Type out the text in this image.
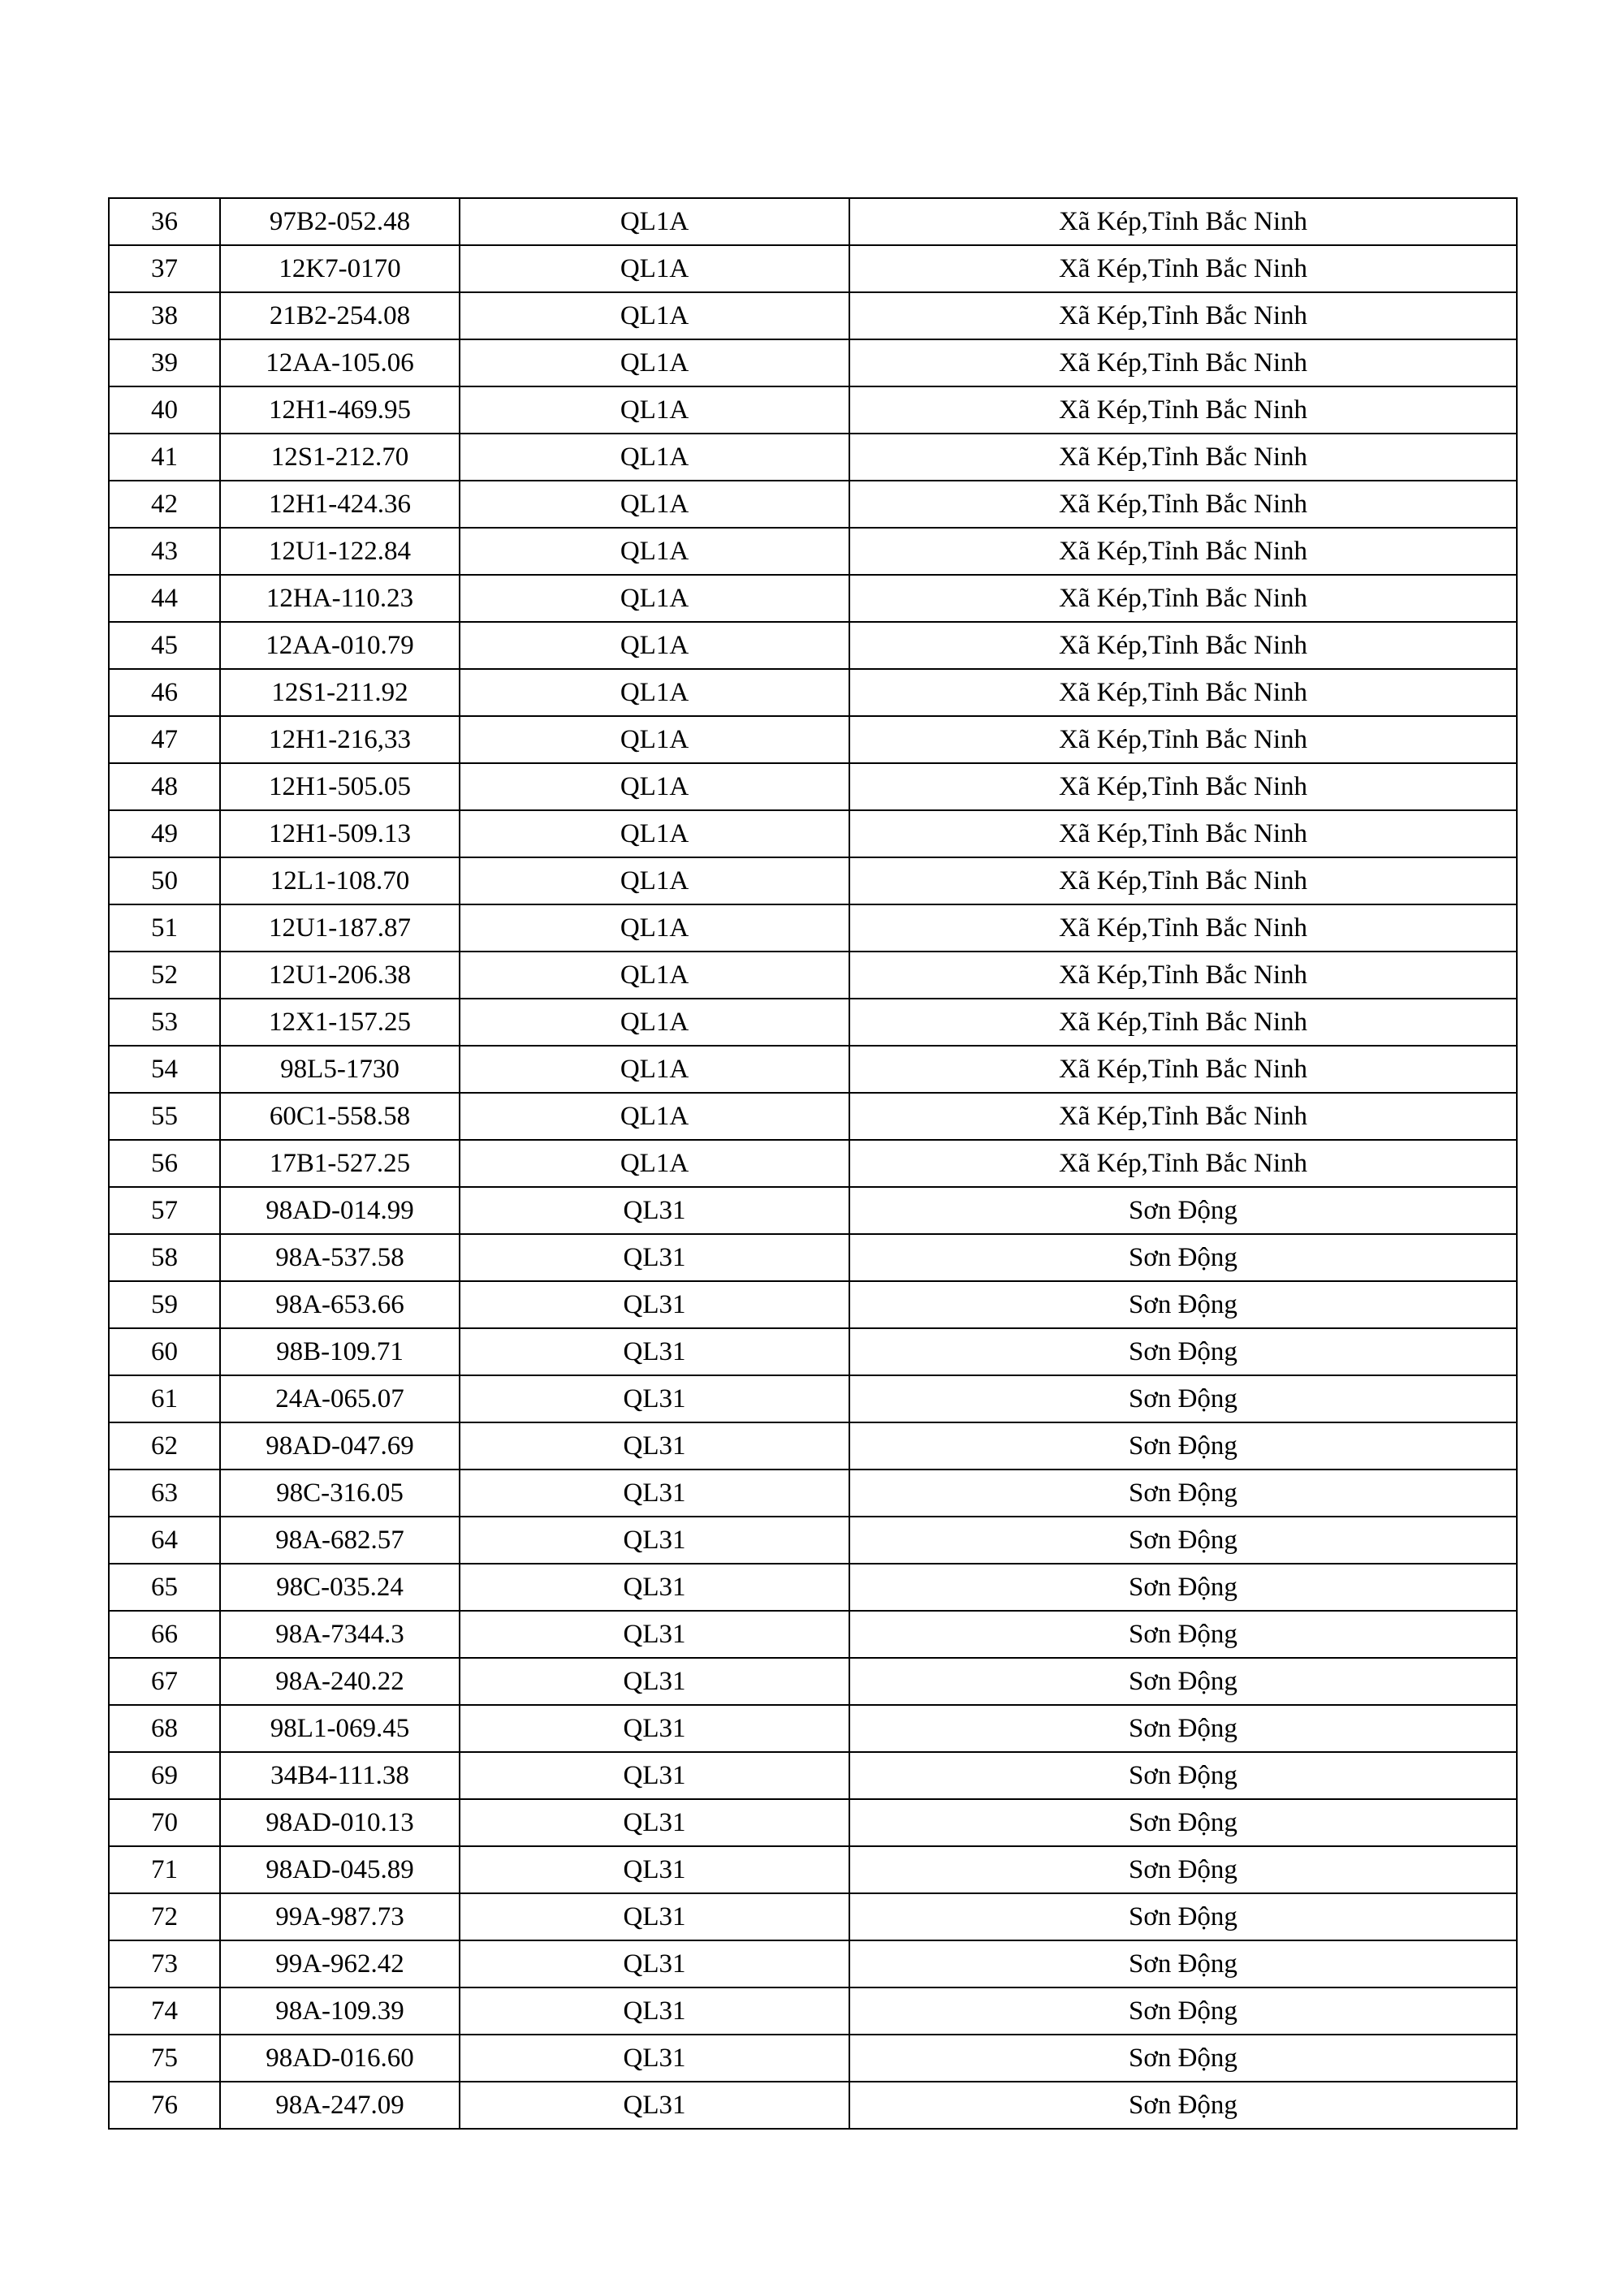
36	97B2-052.48	QL1A	Xã Kép,Tỉnh Bắc Ninh
37	12K7-0170	QL1A	Xã Kép,Tỉnh Bắc Ninh
38	21B2-254.08	QL1A	Xã Kép,Tỉnh Bắc Ninh
39	12AA-105.06	QL1A	Xã Kép,Tỉnh Bắc Ninh
40	12H1-469.95	QL1A	Xã Kép,Tỉnh Bắc Ninh
41	12S1-212.70	QL1A	Xã Kép,Tỉnh Bắc Ninh
42	12H1-424.36	QL1A	Xã Kép,Tỉnh Bắc Ninh
43	12U1-122.84	QL1A	Xã Kép,Tỉnh Bắc Ninh
44	12HA-110.23	QL1A	Xã Kép,Tỉnh Bắc Ninh
45	12AA-010.79	QL1A	Xã Kép,Tỉnh Bắc Ninh
46	12S1-211.92	QL1A	Xã Kép,Tỉnh Bắc Ninh
47	12H1-216,33	QL1A	Xã Kép,Tỉnh Bắc Ninh
48	12H1-505.05	QL1A	Xã Kép,Tỉnh Bắc Ninh
49	12H1-509.13	QL1A	Xã Kép,Tỉnh Bắc Ninh
50	12L1-108.70	QL1A	Xã Kép,Tỉnh Bắc Ninh
51	12U1-187.87	QL1A	Xã Kép,Tỉnh Bắc Ninh
52	12U1-206.38	QL1A	Xã Kép,Tỉnh Bắc Ninh
53	12X1-157.25	QL1A	Xã Kép,Tỉnh Bắc Ninh
54	98L5-1730	QL1A	Xã Kép,Tỉnh Bắc Ninh
55	60C1-558.58	QL1A	Xã Kép,Tỉnh Bắc Ninh
56	17B1-527.25	QL1A	Xã Kép,Tỉnh Bắc Ninh
57	98AD-014.99	QL31	Sơn Động
58	98A-537.58	QL31	Sơn Động
59	98A-653.66	QL31	Sơn Động
60	98B-109.71	QL31	Sơn Động
61	24A-065.07	QL31	Sơn Động
62	98AD-047.69	QL31	Sơn Động
63	98C-316.05	QL31	Sơn Động
64	98A-682.57	QL31	Sơn Động
65	98C-035.24	QL31	Sơn Động
66	98A-7344.3	QL31	Sơn Động
67	98A-240.22	QL31	Sơn Động
68	98L1-069.45	QL31	Sơn Động
69	34B4-111.38	QL31	Sơn Động
70	98AD-010.13	QL31	Sơn Động
71	98AD-045.89	QL31	Sơn Động
72	99A-987.73	QL31	Sơn Động
73	99A-962.42	QL31	Sơn Động
74	98A-109.39	QL31	Sơn Động
75	98AD-016.60	QL31	Sơn Động
76	98A-247.09	QL31	Sơn Động
